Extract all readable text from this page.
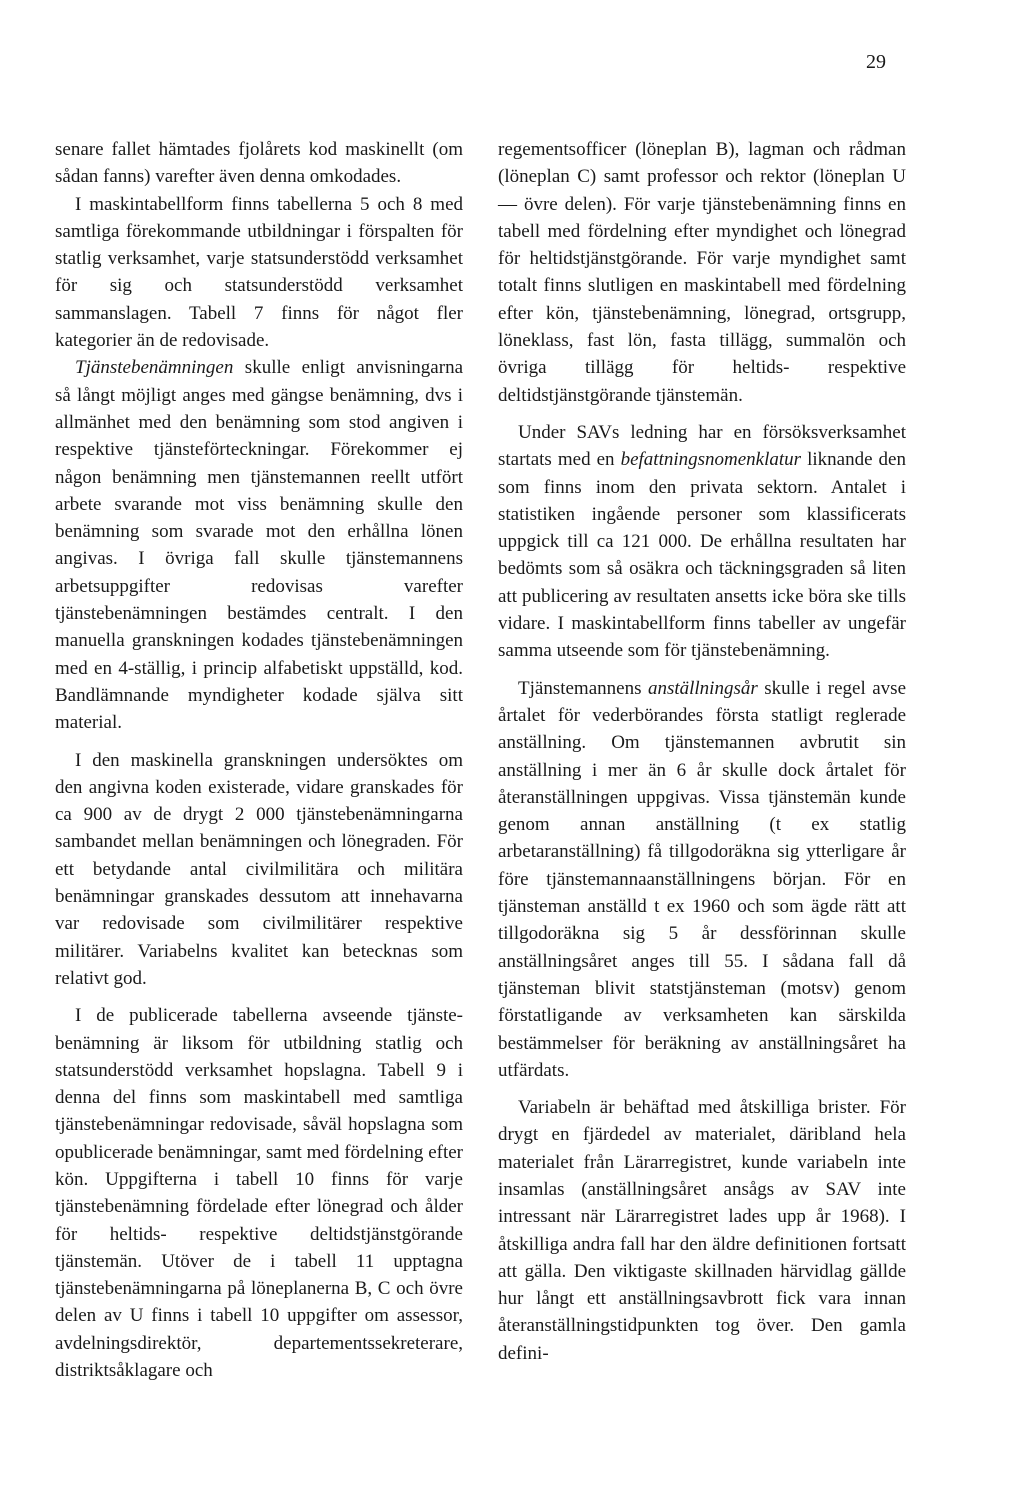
29

senare fallet hämtades fjolårets kod maskinellt (om sådan fanns) varefter även denna omkodades.

I maskintabellform finns tabellerna 5 och 8 med samtliga förekommande utbildningar i förspalten för statlig verksamhet, varje statsunderstödd verksamhet för sig och statsunderstödd verksamhet sammanslagen. Tabell 7 finns för något fler kategorier än de redovisade.

Tjänstebenämningen skulle enligt anvisningarna så långt möjligt anges med gängse benämning, dvs i allmänhet med den benämning som stod angiven i respektive tjänsteförteckningar. Förekommer ej någon benämning men tjänstemannen reellt utfört arbete svarande mot viss benämning skulle den benämning som svarade mot den erhållna lönen angivas. I övriga fall skulle tjänstemannens arbetsuppgifter redovisas varefter tjänstebenämningen bestämdes centralt. I den manuella granskningen kodades tjänstebenämningen med en 4-ställig, i princip alfabetiskt uppställd, kod. Bandlämnande myndigheter kodade själva sitt material.

I den maskinella granskningen undersöktes om den angivna koden existerade, vidare granskades för ca 900 av de drygt 2 000 tjänstebenämningarna sambandet mellan benämningen och lönegraden. För ett betydande antal civilmilitära och militära benämningar granskades dessutom att innehavarna var redovisade som civilmilitärer respektive militärer. Variabelns kvalitet kan betecknas som relativt god.

I de publicerade tabellerna avseende tjänstebenämning är liksom för utbildning statlig och statsunderstödd verksamhet hopslagna. Tabell 9 i denna del finns som maskintabell med samtliga tjänstebenämningar redovisade, såväl hopslagna som opublicerade benämningar, samt med fördelning efter kön. Uppgifterna i tabell 10 finns för varje tjänstebenämning fördelade efter lönegrad och ålder för heltids- respektive deltidstjänstgörande tjänstemän. Utöver de i tabell 11 upptagna tjänstebenämningarna på löneplanerna B, C och övre delen av U finns i tabell 10 uppgifter om assessor, avdelningsdirektör, departementssekreterare, distriktsåklagare och

regementsofficer (löneplan B), lagman och rådman (löneplan C) samt professor och rektor (löneplan U — övre delen). För varje tjänstebenämning finns en tabell med fördelning efter myndighet och lönegrad för heltidstjänstgörande. För varje myndighet samt totalt finns slutligen en maskintabell med fördelning efter kön, tjänstebenämning, lönegrad, ortsgrupp, löneklass, fast lön, fasta tillägg, summalön och övriga tillägg för heltids- respektive deltidstjänstgörande tjänstemän.

Under SAVs ledning har en försöksverksamhet startats med en befattningsnomenklatur liknande den som finns inom den privata sektorn. Antalet i statistiken ingående personer som klassificerats uppgick till ca 121 000. De erhållna resultaten har bedömts som så osäkra och täckningsgraden så liten att publicering av resultaten ansetts icke böra ske tills vidare. I maskintabellform finns tabeller av ungefär samma utseende som för tjänstebenämning.

Tjänstemannens anställningsår skulle i regel avse årtalet för vederbörandes första statligt reglerade anställning. Om tjänstemannen avbrutit sin anställning i mer än 6 år skulle dock årtalet för återanställningen uppgivas. Vissa tjänstemän kunde genom annan anställning (t ex statlig arbetaranställning) få tillgodoräkna sig ytterligare år före tjänstemannaanställningens början. För en tjänsteman anställd t ex 1960 och som ägde rätt att tillgodoräkna sig 5 år dessförinnan skulle anställningsåret anges till 55. I sådana fall då tjänsteman blivit statstjänsteman (motsv) genom förstatligande av verksamheten kan särskilda bestämmelser för beräkning av anställningsåret ha utfärdats.

Variabeln är behäftad med åtskilliga brister. För drygt en fjärdedel av materialet, däribland hela materialet från Lärarregistret, kunde variabeln inte insamlas (anställningsåret ansågs av SAV inte intressant när Lärarregistret lades upp år 1968). I åtskilliga andra fall har den äldre definitionen fortsatt att gälla. Den viktigaste skillnaden härvidlag gällde hur långt ett anställningsavbrott fick vara innan återanställningstidpunkten tog över. Den gamla defini-
